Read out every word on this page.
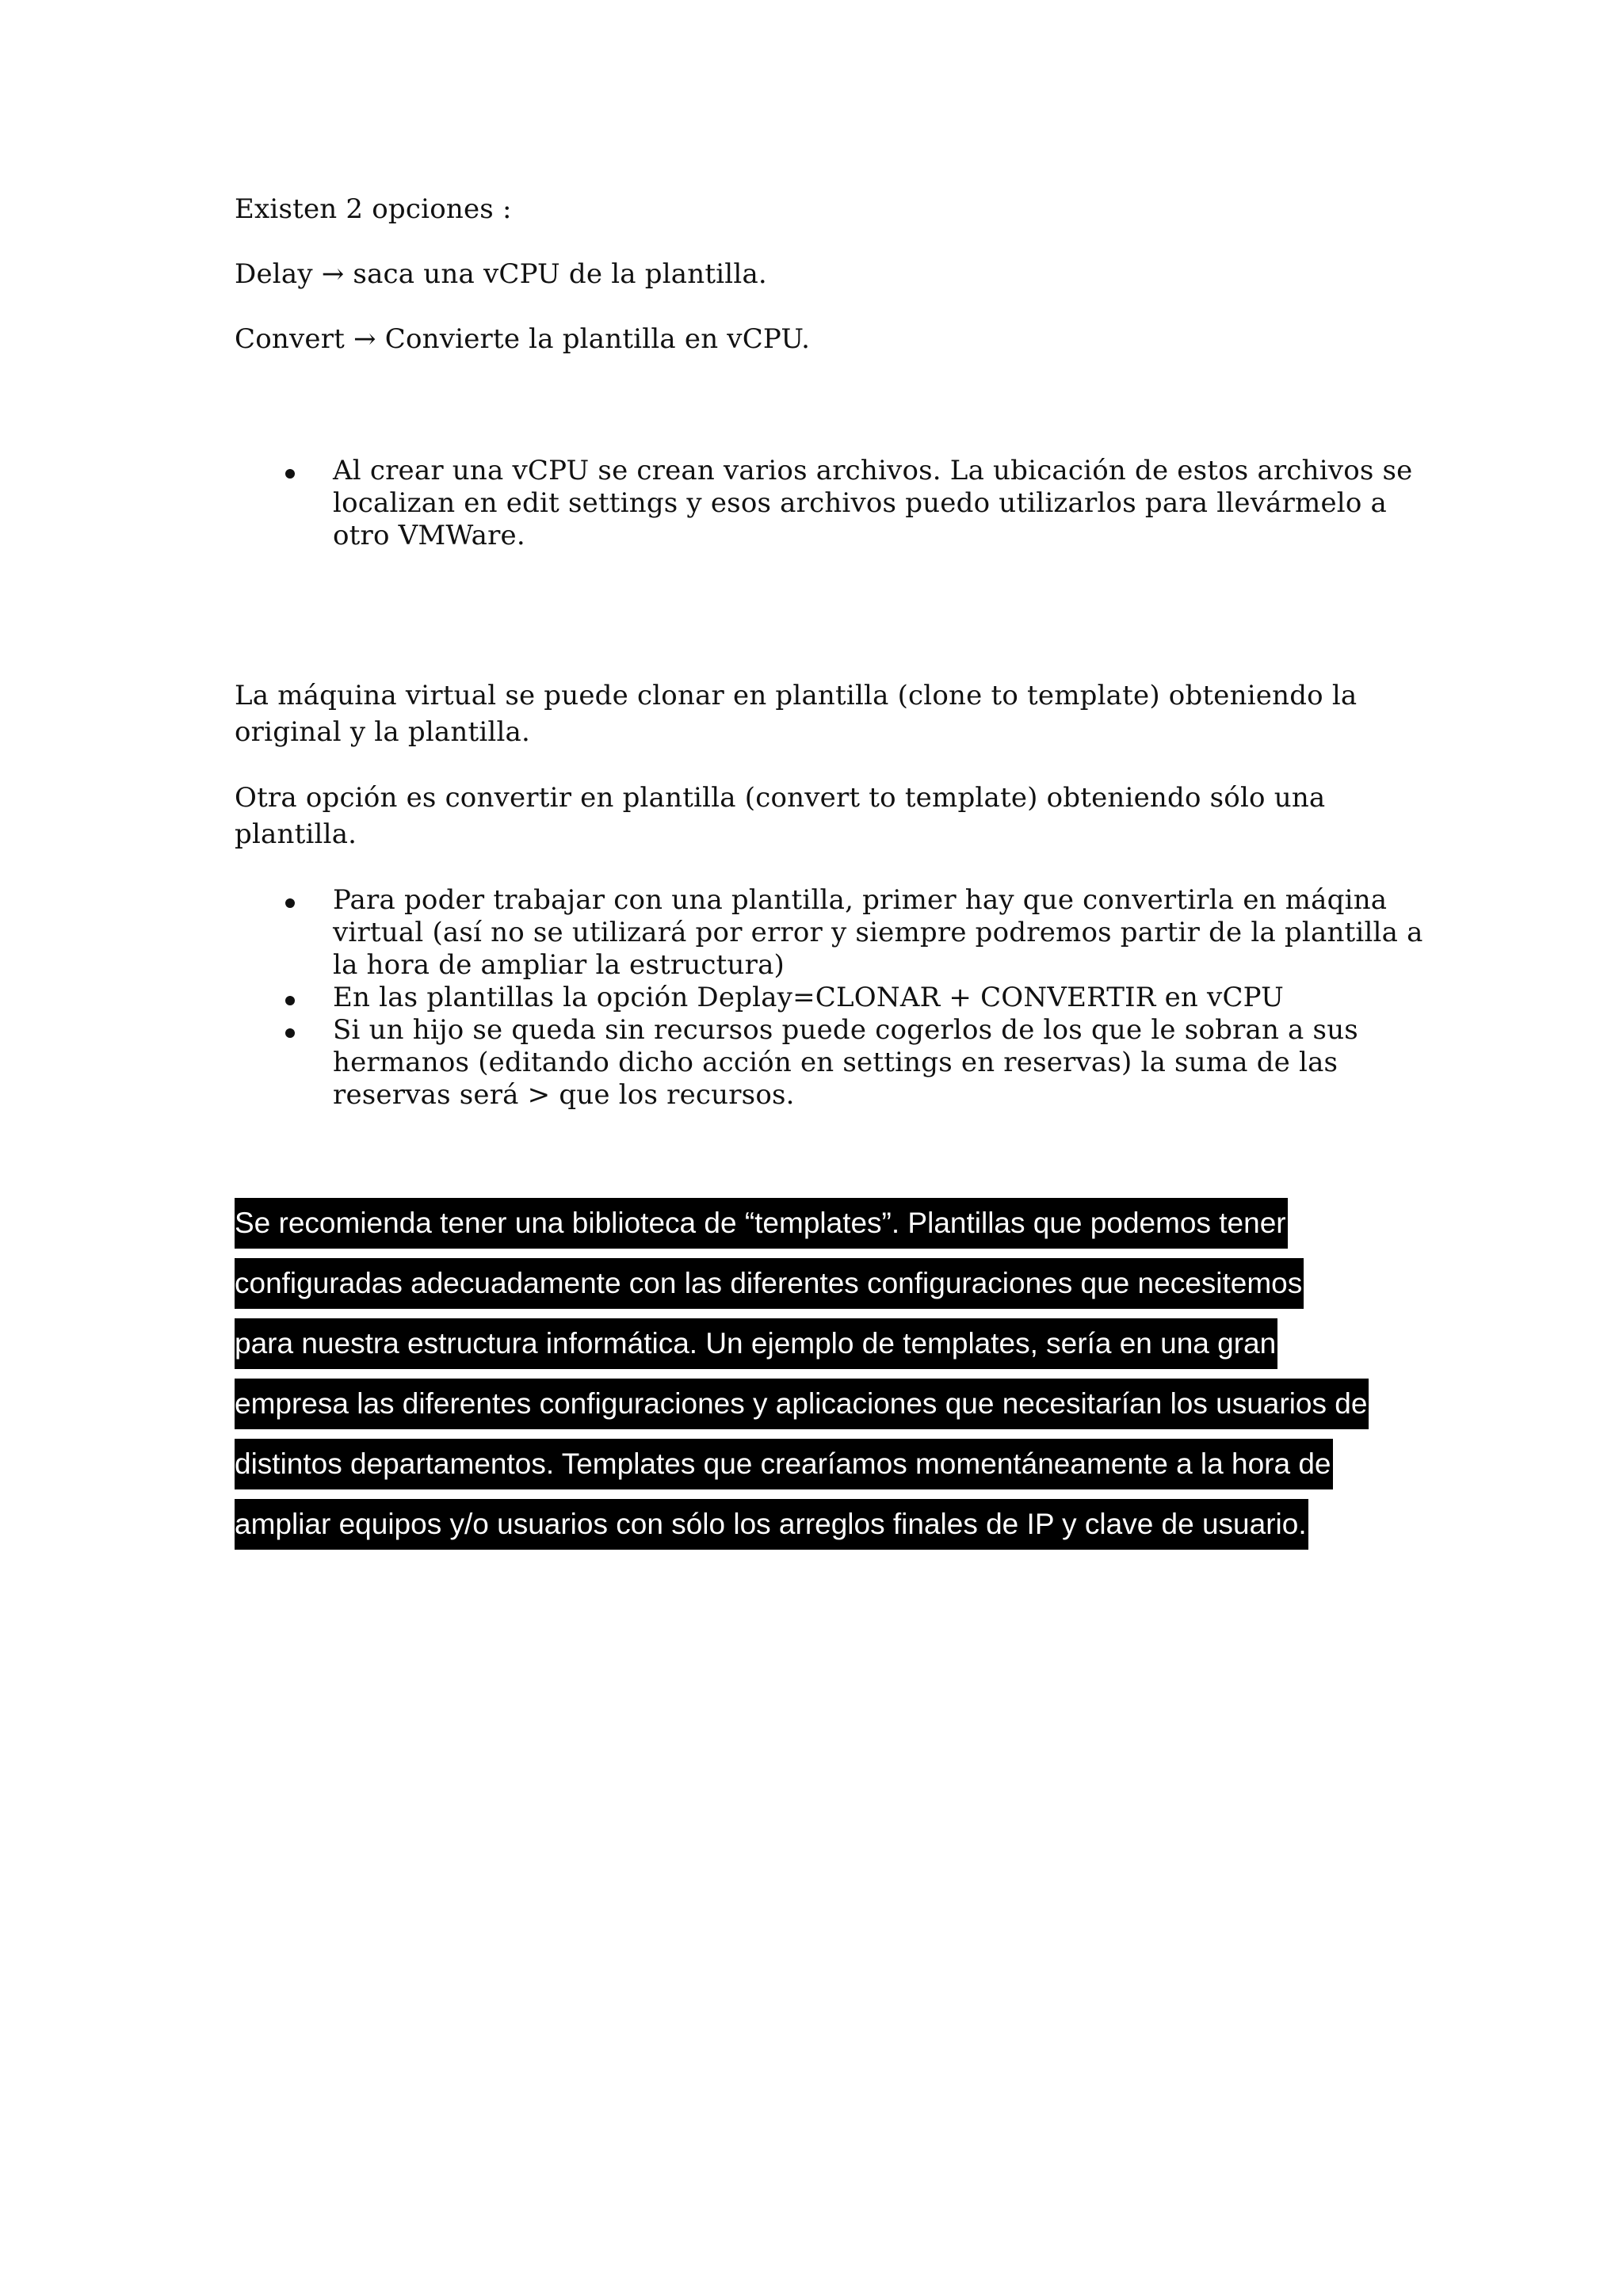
Existen 2 opciones :
Delay → saca una vCPU de la plantilla.
Convert → Convierte la plantilla en vCPU.
Al crear una vCPU se crean varios archivos. La ubicación de estos archivos se
localizan en edit settings y esos archivos puedo utilizarlos para llevármelo a
otro VMWare.
La máquina virtual se puede clonar en plantilla (clone to template) obteniendo la
original y la plantilla.
Otra opción es convertir en plantilla (convert to template) obteniendo sólo una
plantilla.
Para poder trabajar con una plantilla, primer hay que convertirla en máqina
virtual (así no se utilizará por error y siempre podremos partir de la plantilla a
la hora de ampliar la estructura)
En las plantillas la opción Deplay=CLONAR + CONVERTIR en vCPU
Si un hijo se queda sin recursos puede cogerlos de los que le sobran a sus
hermanos (editando dicho acción en settings en reservas) la suma de las
reservas será > que los recursos.
Se recomienda tener una biblioteca de “templates”. Plantillas que podemos tener
configuradas adecuadamente con las diferentes configuraciones que necesitemos
para nuestra estructura informática. Un ejemplo de templates, sería en una gran
empresa las diferentes configuraciones y aplicaciones que necesitarían los usuarios de
distintos departamentos. Templates que crearíamos momentáneamente a la hora de
ampliar equipos y/o usuarios con sólo los arreglos finales de IP y clave de usuario.
